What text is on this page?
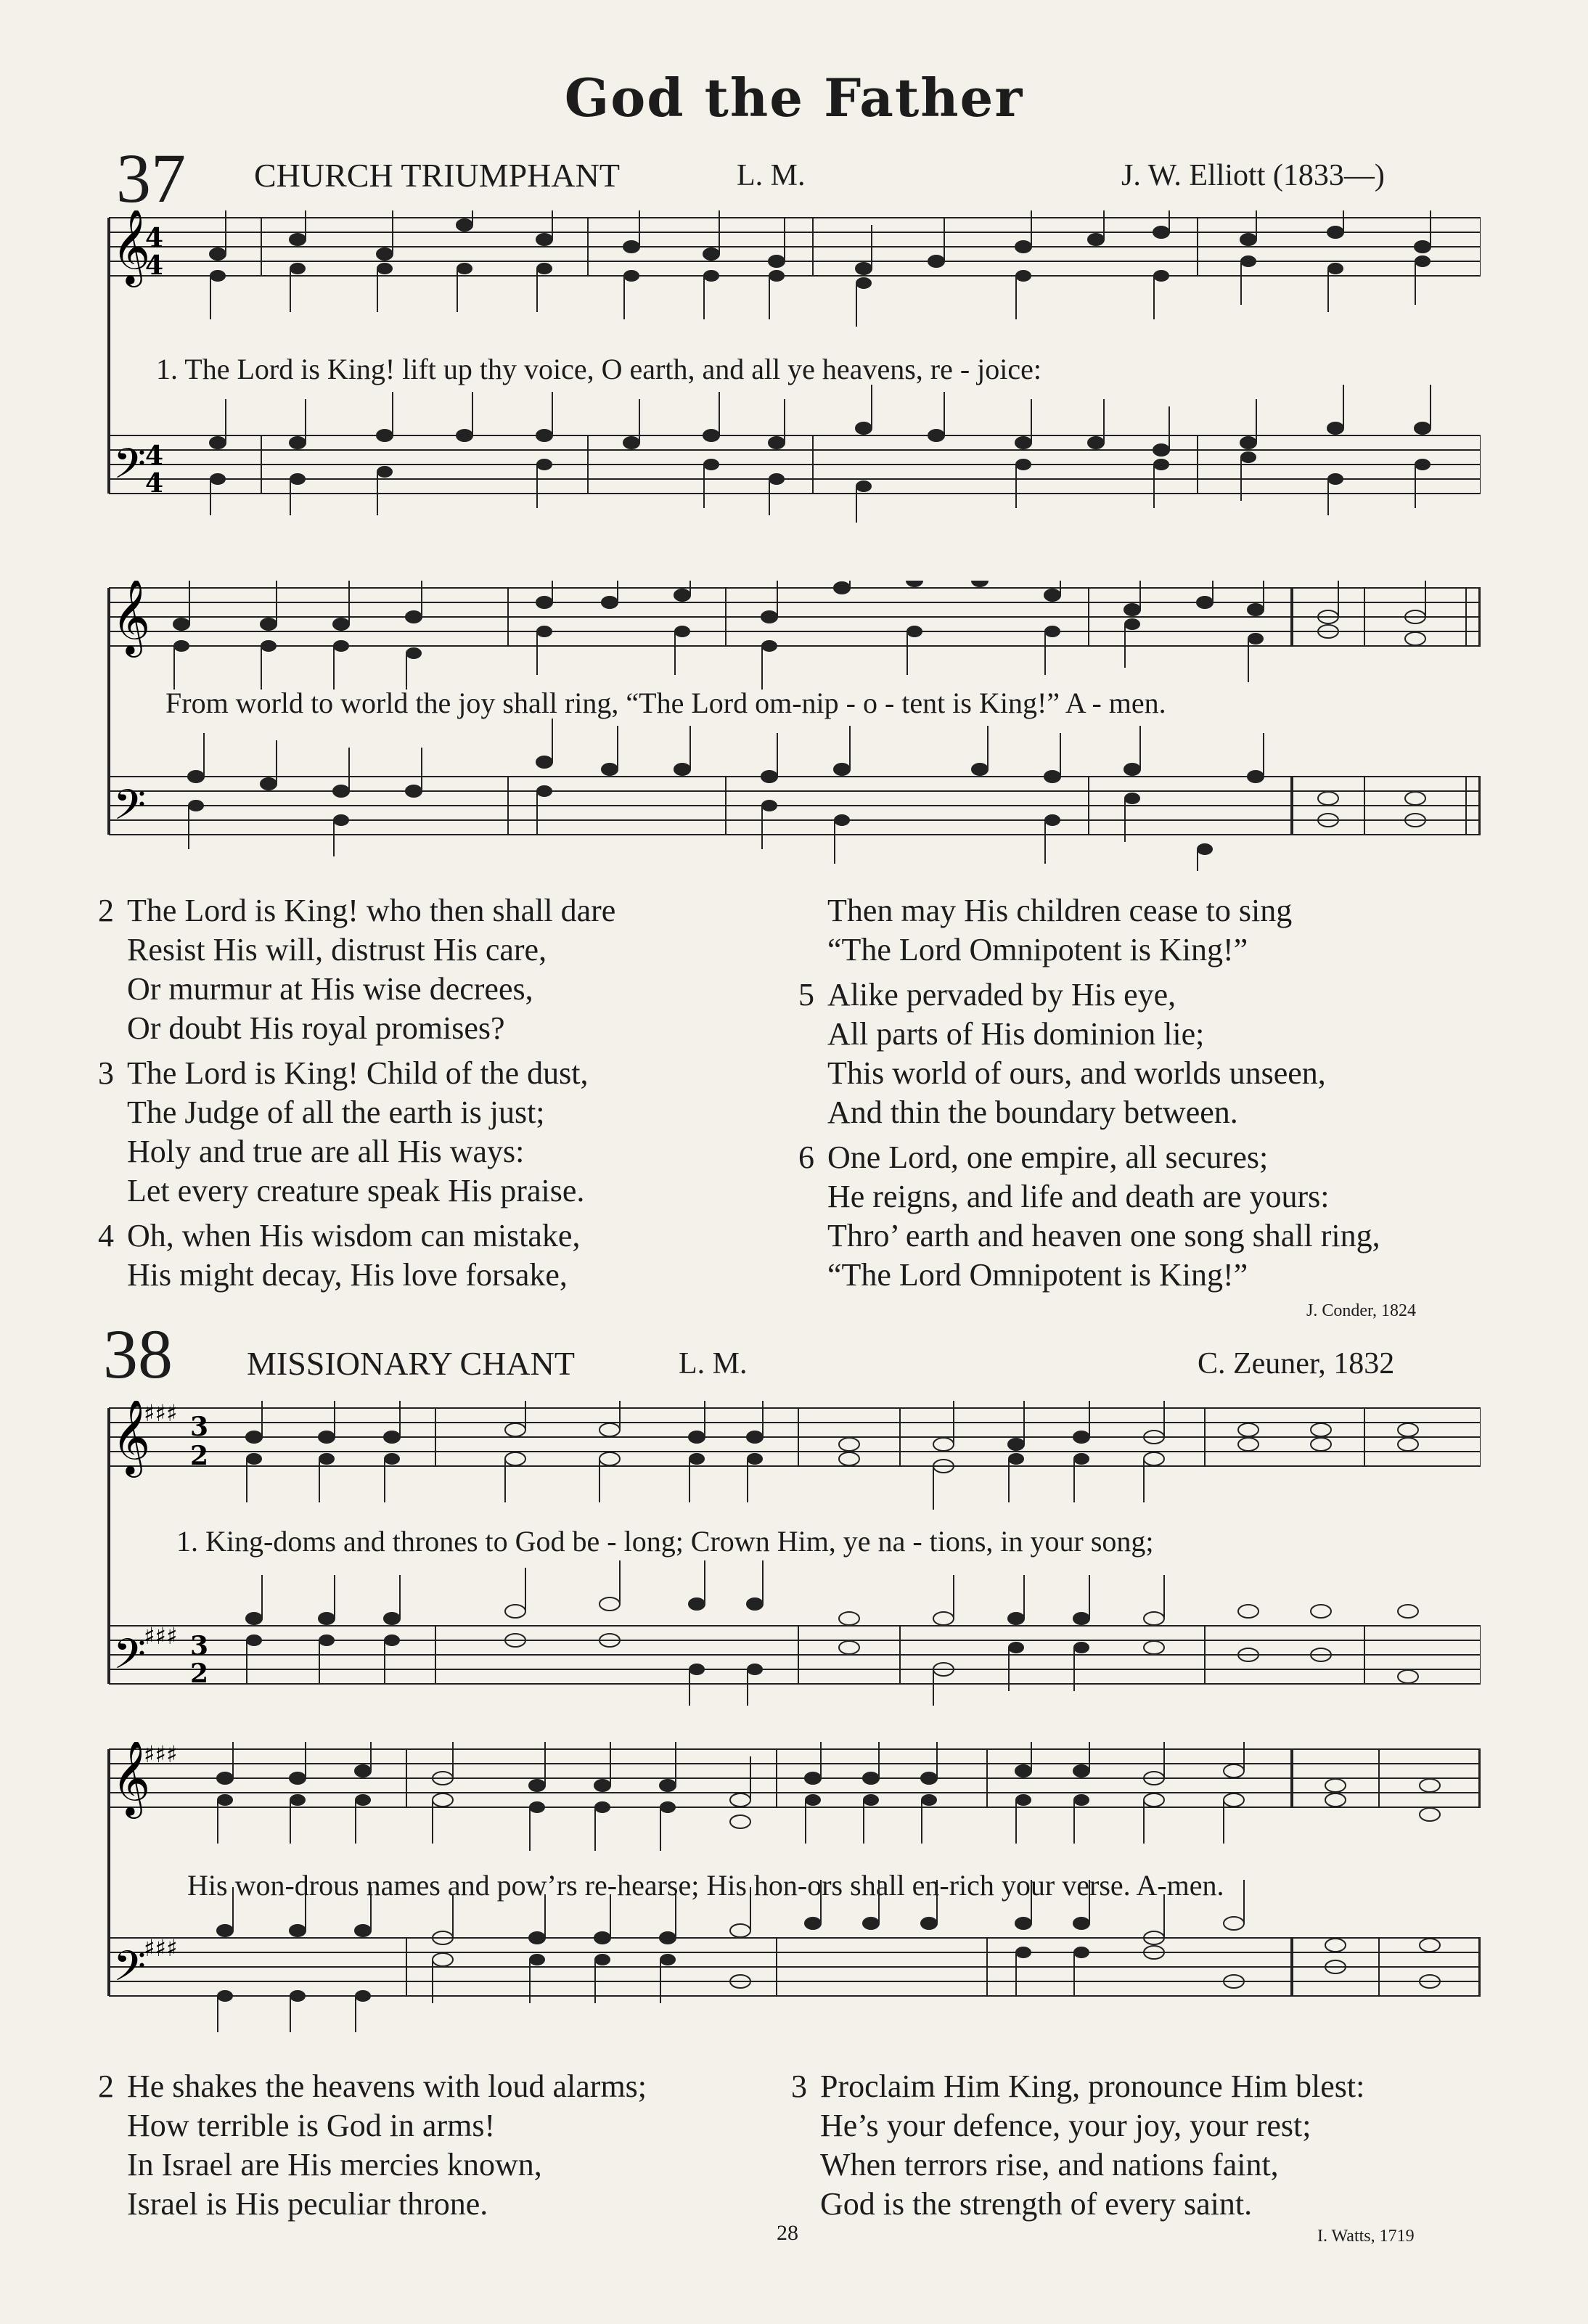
God the Father
37 CHURCH TRIUMPHANT	L. M.	J. W. Elliott (1833—)
𝄞
4
4
𝄢
4
4
1. The Lord is King! lift up thy voice, O earth, and all ye heavens, re - joice:
𝄞
𝄢
From world to world the joy shall ring, “The Lord om-nip - o - tent is King!” A - men.
2 The Lord is King! who then shall dare
Resist His will, distrust His care,
Or murmur at His wise decrees,
Or doubt His royal promises?
3 The Lord is King! Child of the dust,
The Judge of all the earth is just;
Holy and true are all His ways:
Let every creature speak His praise.
4 Oh, when His wisdom can mistake,
His might decay, His love forsake,
Then may His children cease to sing
“The Lord Omnipotent is King!”
5 Alike pervaded by His eye,
All parts of His dominion lie;
This world of ours, and worlds unseen,
And thin the boundary between.
6 One Lord, one empire, all secures;
He reigns, and life and death are yours:
Thro’ earth and heaven one song shall ring,
“The Lord Omnipotent is King!”
J. Conder, 1824
38 MISSIONARY CHANT	L. M.	C. Zeuner, 1832
𝄞
♯♯♯ 3
2
𝄢
♯♯♯ 3
2
1. King-doms and thrones to God be - long; Crown Him, ye na - tions, in your song;
𝄞
♯♯♯
𝄢
♯♯♯
His won-drous names and pow’rs re-hearse; His hon-ors shall en-rich your verse. A-men.
2 He shakes the heavens with loud alarms;
How terrible is God in arms!
In Israel are His mercies known,
Israel is His peculiar throne.
3 Proclaim Him King, pronounce Him blest:
He’s your defence, your joy, your rest;
When terrors rise, and nations faint,
God is the strength of every saint.
I. Watts, 1719
28
